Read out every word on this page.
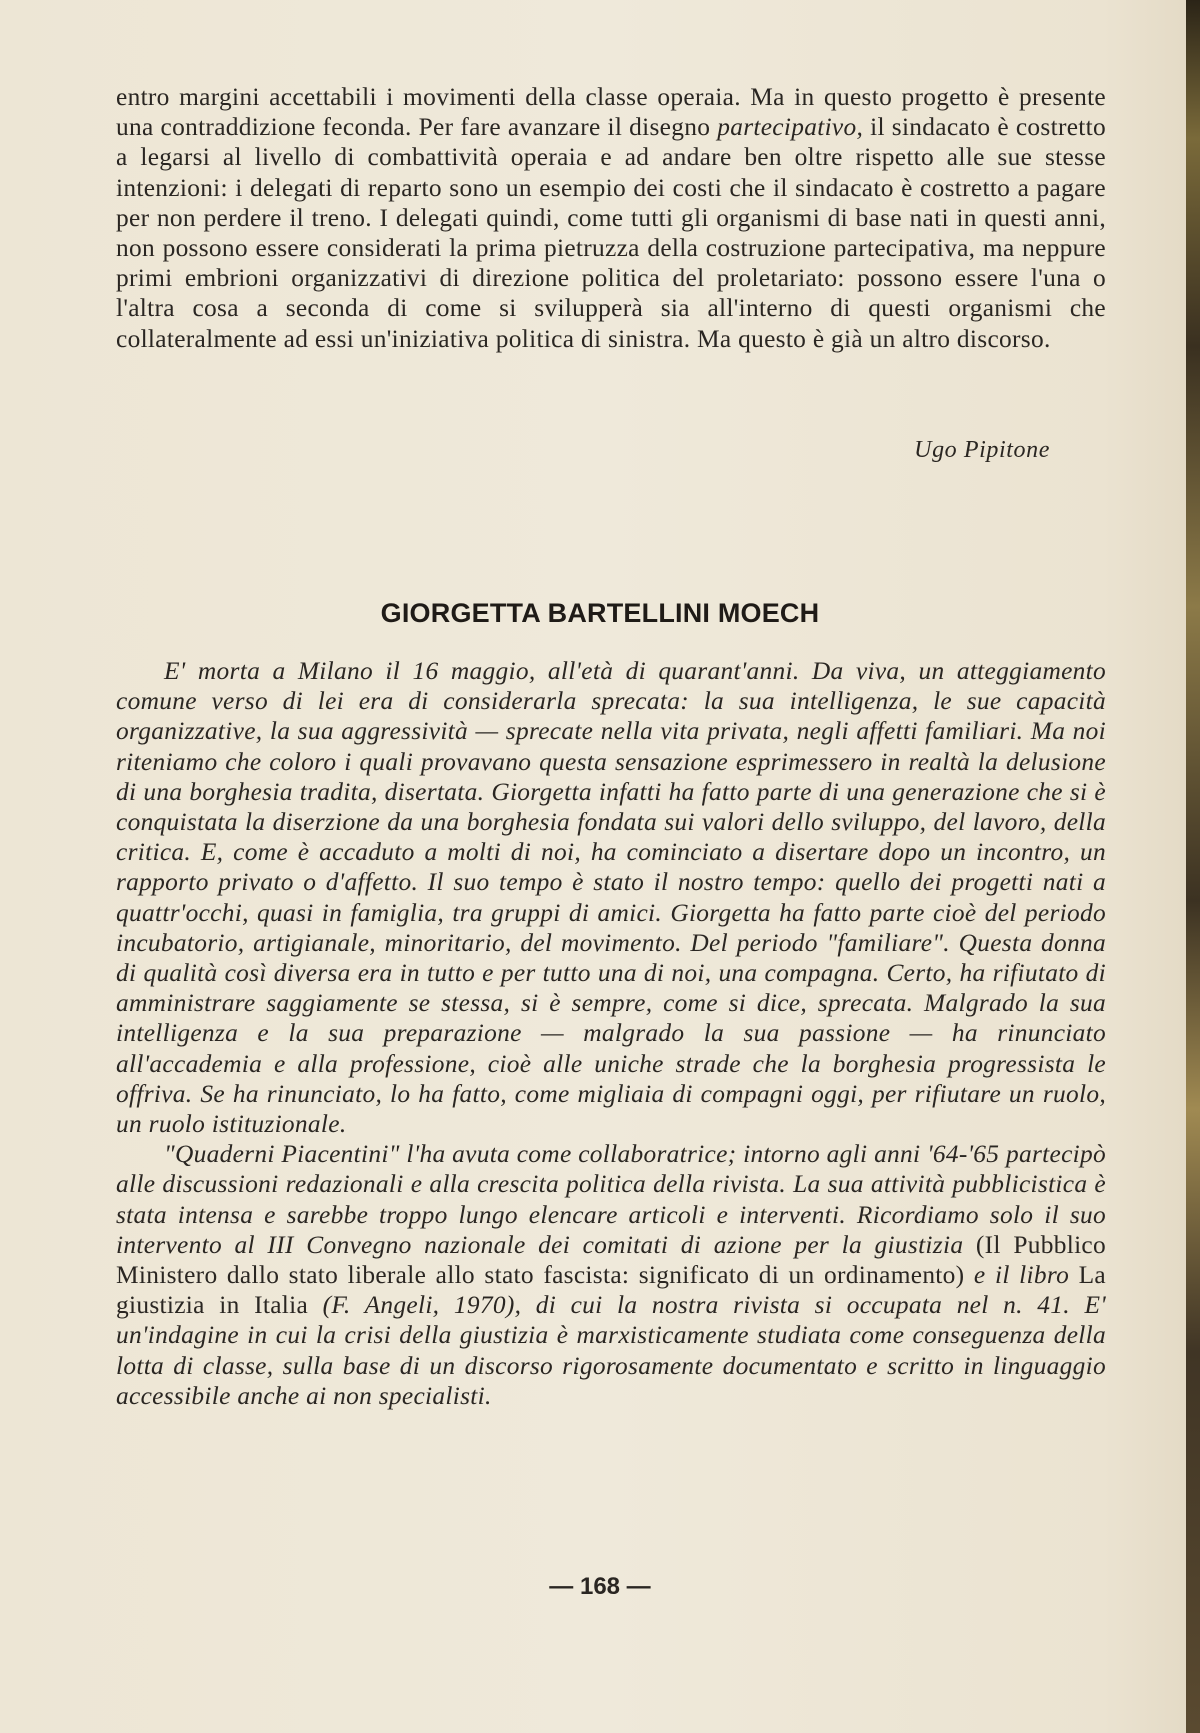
entro margini accettabili i movimenti della classe operaia. Ma in questo progetto è presente una contraddizione feconda. Per fare avanzare il disegno partecipativo, il sindacato è costretto a legarsi al livello di combattività operaia e ad andare ben oltre rispetto alle sue stesse intenzioni: i delegati di reparto sono un esempio dei costi che il sindacato è costretto a pagare per non perdere il treno. I delegati quindi, come tutti gli organismi di base nati in questi anni, non possono essere considerati la prima pietruzza della costruzione partecipativa, ma neppure primi embrioni organizzativi di direzione politica del proletariato: possono essere l'una o l'altra cosa a seconda di come si svilupperà sia all'interno di questi organismi che collateralmente ad essi un'iniziativa politica di sinistra. Ma questo è già un altro discorso.

Ugo Pipitone
GIORGETTA BARTELLINI MOECH

E' morta a Milano il 16 maggio, all'età di quarant'anni. Da viva, un atteggiamento comune verso di lei era di considerarla sprecata: la sua intelligenza, le sue capacità organizzative, la sua aggressività — sprecate nella vita privata, negli affetti familiari. Ma noi riteniamo che coloro i quali provavano questa sensazione esprimessero in realtà la delusione di una borghesia tradita, disertata. Giorgetta infatti ha fatto parte di una generazione che si è conquistata la diserzione da una borghesia fondata sui valori dello sviluppo, del lavoro, della critica. E, come è accaduto a molti di noi, ha cominciato a disertare dopo un incontro, un rapporto privato o d'affetto. Il suo tempo è stato il nostro tempo: quello dei progetti nati a quattr'occhi, quasi in famiglia, tra gruppi di amici. Giorgetta ha fatto parte cioè del periodo incubatorio, artigianale, minoritario, del movimento. Del periodo "familiare". Questa donna di qualità così diversa era in tutto e per tutto una di noi, una compagna. Certo, ha rifiutato di amministrare saggiamente se stessa, si è sempre, come si dice, sprecata. Malgrado la sua intelligenza e la sua preparazione — malgrado la sua passione — ha rinunciato all'accademia e alla professione, cioè alle uniche strade che la borghesia progressista le offriva. Se ha rinunciato, lo ha fatto, come migliaia di compagni oggi, per rifiutare un ruolo, un ruolo istituzionale.

"Quaderni Piacentini" l'ha avuta come collaboratrice; intorno agli anni '64-'65 partecipò alle discussioni redazionali e alla crescita politica della rivista. La sua attività pubblicistica è stata intensa e sarebbe troppo lungo elencare articoli e interventi. Ricordiamo solo il suo intervento al III Convegno nazionale dei comitati di azione per la giustizia (Il Pubblico Ministero dallo stato liberale allo stato fascista: significato di un ordinamento) e il libro La giustizia in Italia (F. Angeli, 1970), di cui la nostra rivista si occupata nel n. 41. E' un'indagine in cui la crisi della giustizia è marxisticamente studiata come conseguenza della lotta di classe, sulla base di un discorso rigorosamente documentato e scritto in linguaggio accessibile anche ai non specialisti.

— 168 —
